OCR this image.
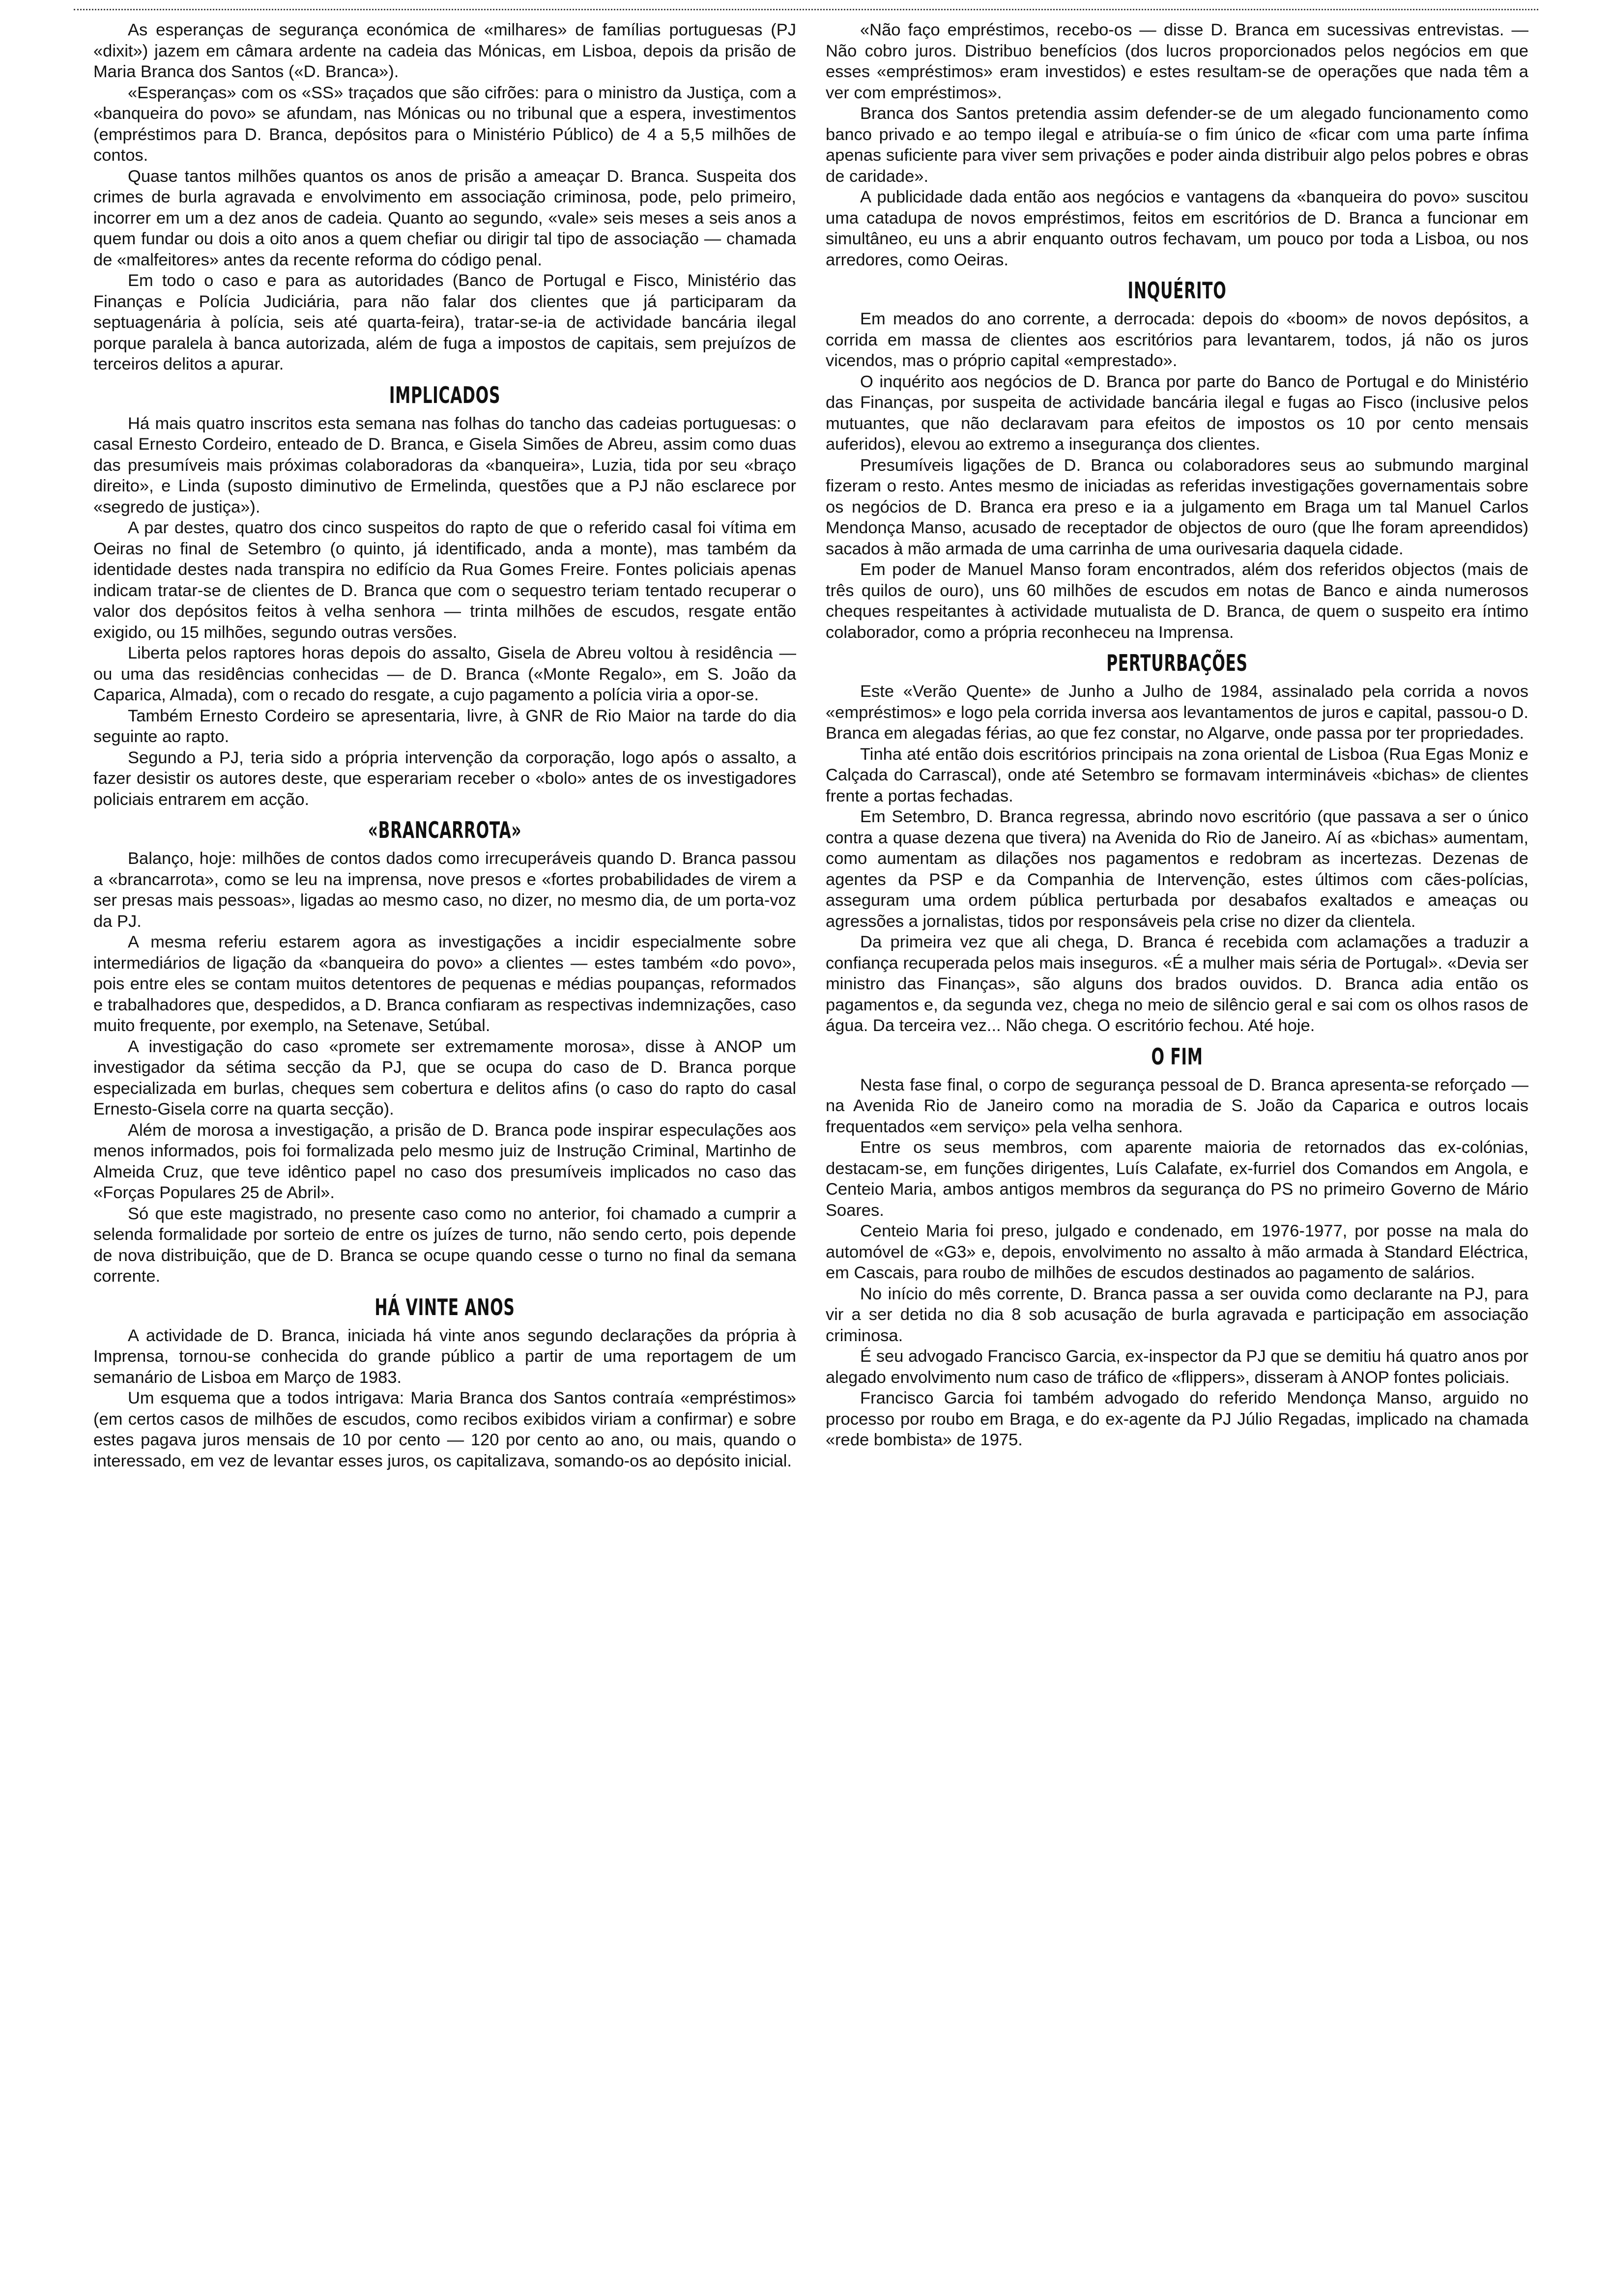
As esperanças de segurança económica de «milhares» de famílias portuguesas (PJ «dixit») jazem em câmara ardente na cadeia das Mónicas, em Lisboa, depois da prisão de Maria Branca dos Santos («D. Branca»).

«Esperanças» com os «SS» traçados que são cifrões: para o ministro da Justiça, com a «banqueira do povo» se afundam, nas Mónicas ou no tribunal que a espera, investimentos (empréstimos para D. Branca, depósitos para o Ministério Público) de 4 a 5,5 milhões de contos.

Quase tantos milhões quantos os anos de prisão a ameaçar D. Branca. Suspeita dos crimes de burla agravada e envolvimento em associação criminosa, pode, pelo primeiro, incorrer em um a dez anos de cadeia. Quanto ao segundo, «vale» seis meses a seis anos a quem fundar ou dois a oito anos a quem chefiar ou dirigir tal tipo de associação — chamada de «malfeitores» antes da recente reforma do código penal.

Em todo o caso e para as autoridades (Banco de Portugal e Fisco, Ministério das Finanças e Polícia Judiciária, para não falar dos clientes que já participaram da septuagenária à polícia, seis até quarta-feira), tratar-se-ia de actividade bancária ilegal porque paralela à banca autorizada, além de fuga a impostos de capitais, sem prejuízos de terceiros delitos a apurar.

IMPLICADOS

Há mais quatro inscritos esta semana nas folhas do tancho das cadeias portuguesas: o casal Ernesto Cordeiro, enteado de D. Branca, e Gisela Simões de Abreu, assim como duas das presumíveis mais próximas colaboradoras da «banqueira», Luzia, tida por seu «braço direito», e Linda (suposto diminutivo de Ermelinda, questões que a PJ não esclarece por «segredo de justiça»).

A par destes, quatro dos cinco suspeitos do rapto de que o referido casal foi vítima em Oeiras no final de Setembro (o quinto, já identificado, anda a monte), mas também da identidade destes nada transpira no edifício da Rua Gomes Freire. Fontes policiais apenas indicam tratar-se de clientes de D. Branca que com o sequestro teriam tentado recuperar o valor dos depósitos feitos à velha senhora — trinta milhões de escudos, resgate então exigido, ou 15 milhões, segundo outras versões.

Liberta pelos raptores horas depois do assalto, Gisela de Abreu voltou à residência — ou uma das residências conhecidas — de D. Branca («Monte Regalo», em S. João da Caparica, Almada), com o recado do resgate, a cujo pagamento a polícia viria a opor-se.

Também Ernesto Cordeiro se apresentaria, livre, à GNR de Rio Maior na tarde do dia seguinte ao rapto.

Segundo a PJ, teria sido a própria intervenção da corporação, logo após o assalto, a fazer desistir os autores deste, que esperariam receber o «bolo» antes de os investigadores policiais entrarem em acção.

«BRANCARROTA»

Balanço, hoje: milhões de contos dados como irrecuperáveis quando D. Branca passou a «brancarrota», como se leu na imprensa, nove presos e «fortes probabilidades de virem a ser presas mais pessoas», ligadas ao mesmo caso, no dizer, no mesmo dia, de um porta-voz da PJ.

A mesma referiu estarem agora as investigações a incidir especialmente sobre intermediários de ligação da «banqueira do povo» a clientes — estes também «do povo», pois entre eles se contam muitos detentores de pequenas e médias poupanças, reformados e trabalhadores que, despedidos, a D. Branca confiaram as respectivas indemnizações, caso muito frequente, por exemplo, na Setenave, Setúbal.

A investigação do caso «promete ser extremamente morosa», disse à ANOP um investigador da sétima secção da PJ, que se ocupa do caso de D. Branca porque especializada em burlas, cheques sem cobertura e delitos afins (o caso do rapto do casal Ernesto-Gisela corre na quarta secção).

Além de morosa a investigação, a prisão de D. Branca pode inspirar especulações aos menos informados, pois foi formalizada pelo mesmo juiz de Instrução Criminal, Martinho de Almeida Cruz, que teve idêntico papel no caso dos presumíveis implicados no caso das «Forças Populares 25 de Abril».

Só que este magistrado, no presente caso como no anterior, foi chamado a cumprir a selenda formalidade por sorteio de entre os juízes de turno, não sendo certo, pois depende de nova distribuição, que de D. Branca se ocupe quando cesse o turno no final da semana corrente.

HÁ VINTE ANOS

A actividade de D. Branca, iniciada há vinte anos segundo declarações da própria à Imprensa, tornou-se conhecida do grande público a partir de uma reportagem de um semanário de Lisboa em Março de 1983.

Um esquema que a todos intrigava: Maria Branca dos Santos contraía «empréstimos» (em certos casos de milhões de escudos, como recibos exibidos viriam a confirmar) e sobre estes pagava juros mensais de 10 por cento — 120 por cento ao ano, ou mais, quando o interessado, em vez de levantar esses juros, os capitalizava, somando-os ao depósito inicial.

«Não faço empréstimos, recebo-os — disse D. Branca em sucessivas entrevistas. — Não cobro juros. Distribuo benefícios (dos lucros proporcionados pelos negócios em que esses «empréstimos» eram investidos) e estes resultam-se de operações que nada têm a ver com empréstimos».

Branca dos Santos pretendia assim defender-se de um alegado funcionamento como banco privado e ao tempo ilegal e atribuía-se o fim único de «ficar com uma parte ínfima apenas suficiente para viver sem privações e poder ainda distribuir algo pelos pobres e obras de caridade».

A publicidade dada então aos negócios e vantagens da «banqueira do povo» suscitou uma catadupa de novos empréstimos, feitos em escritórios de D. Branca a funcionar em simultâneo, eu uns a abrir enquanto outros fechavam, um pouco por toda a Lisboa, ou nos arredores, como Oeiras.

INQUÉRITO

Em meados do ano corrente, a derrocada: depois do «boom» de novos depósitos, a corrida em massa de clientes aos escritórios para levantarem, todos, já não os juros vicendos, mas o próprio capital «emprestado».

O inquérito aos negócios de D. Branca por parte do Banco de Portugal e do Ministério das Finanças, por suspeita de actividade bancária ilegal e fugas ao Fisco (inclusive pelos mutuantes, que não declaravam para efeitos de impostos os 10 por cento mensais auferidos), elevou ao extremo a insegurança dos clientes.

Presumíveis ligações de D. Branca ou colaboradores seus ao submundo marginal fizeram o resto. Antes mesmo de iniciadas as referidas investigações governamentais sobre os negócios de D. Branca era preso e ia a julgamento em Braga um tal Manuel Carlos Mendonça Manso, acusado de receptador de objectos de ouro (que lhe foram apreendidos) sacados à mão armada de uma carrinha de uma ourivesaria daquela cidade.

Em poder de Manuel Manso foram encontrados, além dos referidos objectos (mais de três quilos de ouro), uns 60 milhões de escudos em notas de Banco e ainda numerosos cheques respeitantes à actividade mutualista de D. Branca, de quem o suspeito era íntimo colaborador, como a própria reconheceu na Imprensa.

PERTURBAÇÕES

Este «Verão Quente» de Junho a Julho de 1984, assinalado pela corrida a novos «empréstimos» e logo pela corrida inversa aos levantamentos de juros e capital, passou-o D. Branca em alegadas férias, ao que fez constar, no Algarve, onde passa por ter propriedades.

Tinha até então dois escritórios principais na zona oriental de Lisboa (Rua Egas Moniz e Calçada do Carrascal), onde até Setembro se formavam intermináveis «bichas» de clientes frente a portas fechadas.

Em Setembro, D. Branca regressa, abrindo novo escritório (que passava a ser o único contra a quase dezena que tivera) na Avenida do Rio de Janeiro. Aí as «bichas» aumentam, como aumentam as dilações nos pagamentos e redobram as incertezas. Dezenas de agentes da PSP e da Companhia de Intervenção, estes últimos com cães-polícias, asseguram uma ordem pública perturbada por desabafos exaltados e ameaças ou agressões a jornalistas, tidos por responsáveis pela crise no dizer da clientela.

Da primeira vez que ali chega, D. Branca é recebida com aclamações a traduzir a confiança recuperada pelos mais inseguros. «É a mulher mais séria de Portugal». «Devia ser ministro das Finanças», são alguns dos brados ouvidos. D. Branca adia então os pagamentos e, da segunda vez, chega no meio de silêncio geral e sai com os olhos rasos de água. Da terceira vez... Não chega. O escritório fechou. Até hoje.

O FIM

Nesta fase final, o corpo de segurança pessoal de D. Branca apresenta-se reforçado — na Avenida Rio de Janeiro como na moradia de S. João da Caparica e outros locais frequentados «em serviço» pela velha senhora.

Entre os seus membros, com aparente maioria de retornados das ex-colónias, destacam-se, em funções dirigentes, Luís Calafate, ex-furriel dos Comandos em Angola, e Centeio Maria, ambos antigos membros da segurança do PS no primeiro Governo de Mário Soares.

Centeio Maria foi preso, julgado e condenado, em 1976-1977, por posse na mala do automóvel de «G3» e, depois, envolvimento no assalto à mão armada à Standard Eléctrica, em Cascais, para roubo de milhões de escudos destinados ao pagamento de salários.

No início do mês corrente, D. Branca passa a ser ouvida como declarante na PJ, para vir a ser detida no dia 8 sob acusação de burla agravada e participação em associação criminosa.

É seu advogado Francisco Garcia, ex-inspector da PJ que se demitiu há quatro anos por alegado envolvimento num caso de tráfico de «flippers», disseram à ANOP fontes policiais.

Francisco Garcia foi também advogado do referido Mendonça Manso, arguido no processo por roubo em Braga, e do ex-agente da PJ Júlio Regadas, implicado na chamada «rede bombista» de 1975.
